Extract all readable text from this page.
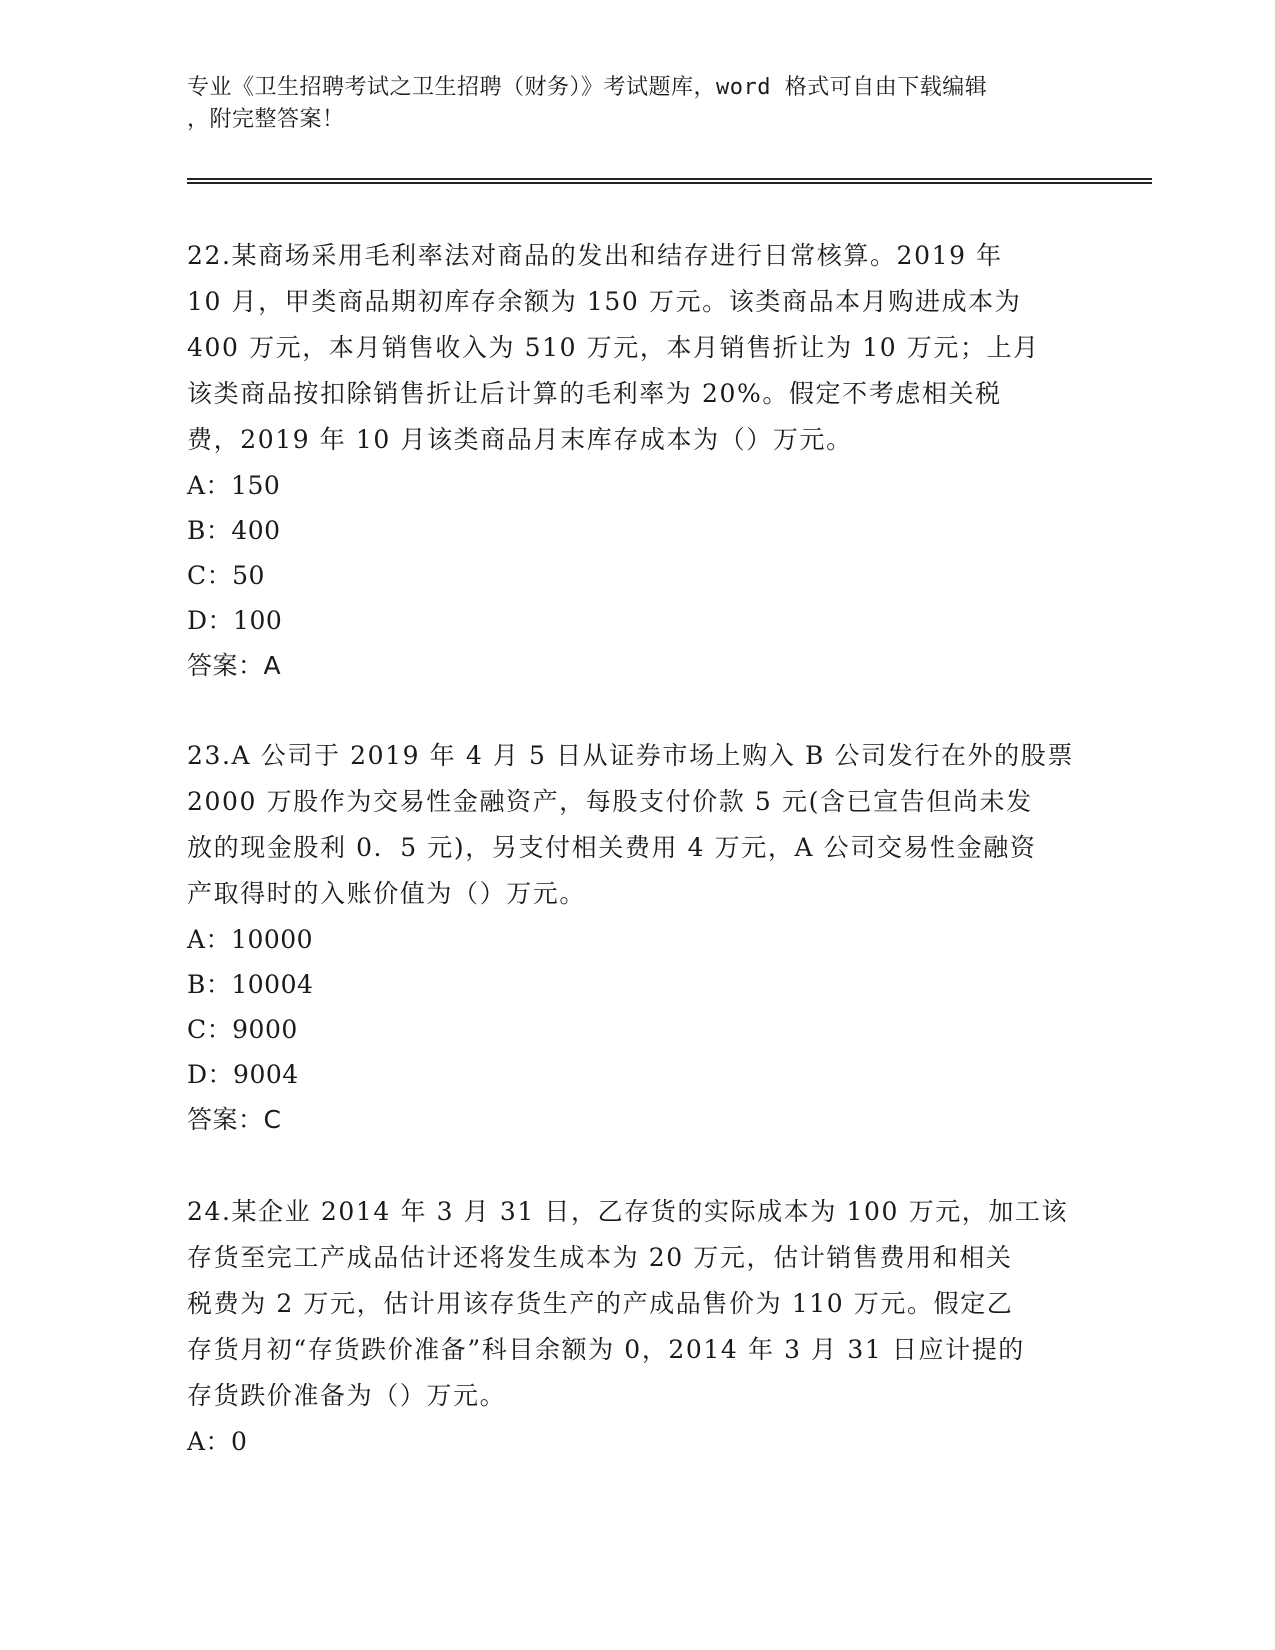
专业《卫生招聘考试之卫生招聘（财务）》考试题库，word 格式可自由下载编辑
，附完整答案！
22.某商场采用毛利率法对商品的发出和结存进行日常核算。2019 年
10 月，甲类商品期初库存余额为 150 万元。该类商品本月购进成本为
400 万元，本月销售收入为 510 万元，本月销售折让为 10 万元；上月
该类商品按扣除销售折让后计算的毛利率为 20%。假定不考虑相关税
费，2019 年 10 月该类商品月末库存成本为（）万元。
A：150
B：400
C：50
D：100
答案：A
23.A 公司于 2019 年 4 月 5 日从证券市场上购入 B 公司发行在外的股票
2000 万股作为交易性金融资产，每股支付价款 5 元(含已宣告但尚未发
放的现金股利 0．5 元)，另支付相关费用 4 万元，A 公司交易性金融资
产取得时的入账价值为（）万元。
A：10000
B：10004
C：9000
D：9004
答案：C
24.某企业 2014 年 3 月 31 日，乙存货的实际成本为 100 万元，加工该
存货至完工产成品估计还将发生成本为 20 万元，估计销售费用和相关
税费为 2 万元，估计用该存货生产的产成品售价为 110 万元。假定乙
存货月初“存货跌价准备”科目余额为 0，2014 年 3 月 31 日应计提的
存货跌价准备为（）万元。
A：0
